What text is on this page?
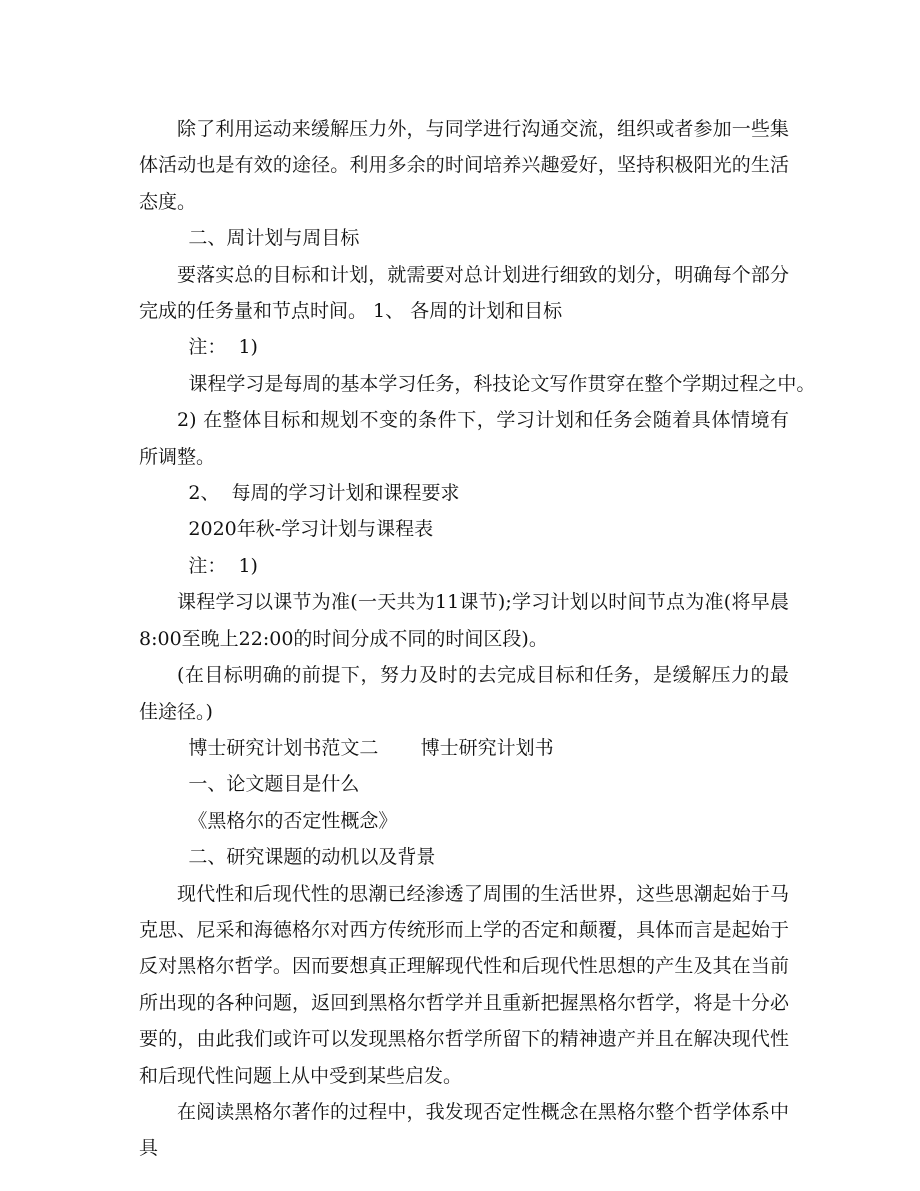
除了利用运动来缓解压力外，与同学进行沟通交流，组织或者参加一些集体活动也是有效的途径。利用多余的时间培养兴趣爱好，坚持积极阳光的生活态度。

二、周计划与周目标

要落实总的目标和计划，就需要对总计划进行细致的划分，明确每个部分完成的任务量和节点时间。 1、 各周的计划和目标

注：  1)

课程学习是每周的基本学习任务，科技论文写作贯穿在整个学期过程之中。

2) 在整体目标和规划不变的条件下，学习计划和任务会随着具体情境有所调整。

2、  每周的学习计划和课程要求

2020年秋-学习计划与课程表

注：  1)

课程学习以课节为准(一天共为11课节);学习计划以时间节点为准(将早晨8:00至晚上22:00的时间分成不同的时间区段)。

(在目标明确的前提下，努力及时的去完成目标和任务，是缓解压力的最佳途径。)

博士研究计划书范文二       博士研究计划书

一、论文题目是什么

《黑格尔的否定性概念》

二、研究课题的动机以及背景

现代性和后现代性的思潮已经渗透了周围的生活世界，这些思潮起始于马克思、尼采和海德格尔对西方传统形而上学的否定和颠覆，具体而言是起始于反对黑格尔哲学。因而要想真正理解现代性和后现代性思想的产生及其在当前所出现的各种问题，返回到黑格尔哲学并且重新把握黑格尔哲学，将是十分必要的，由此我们或许可以发现黑格尔哲学所留下的精神遗产并且在解决现代性和后现代性问题上从中受到某些启发。

在阅读黑格尔著作的过程中，我发现否定性概念在黑格尔整个哲学体系中具
